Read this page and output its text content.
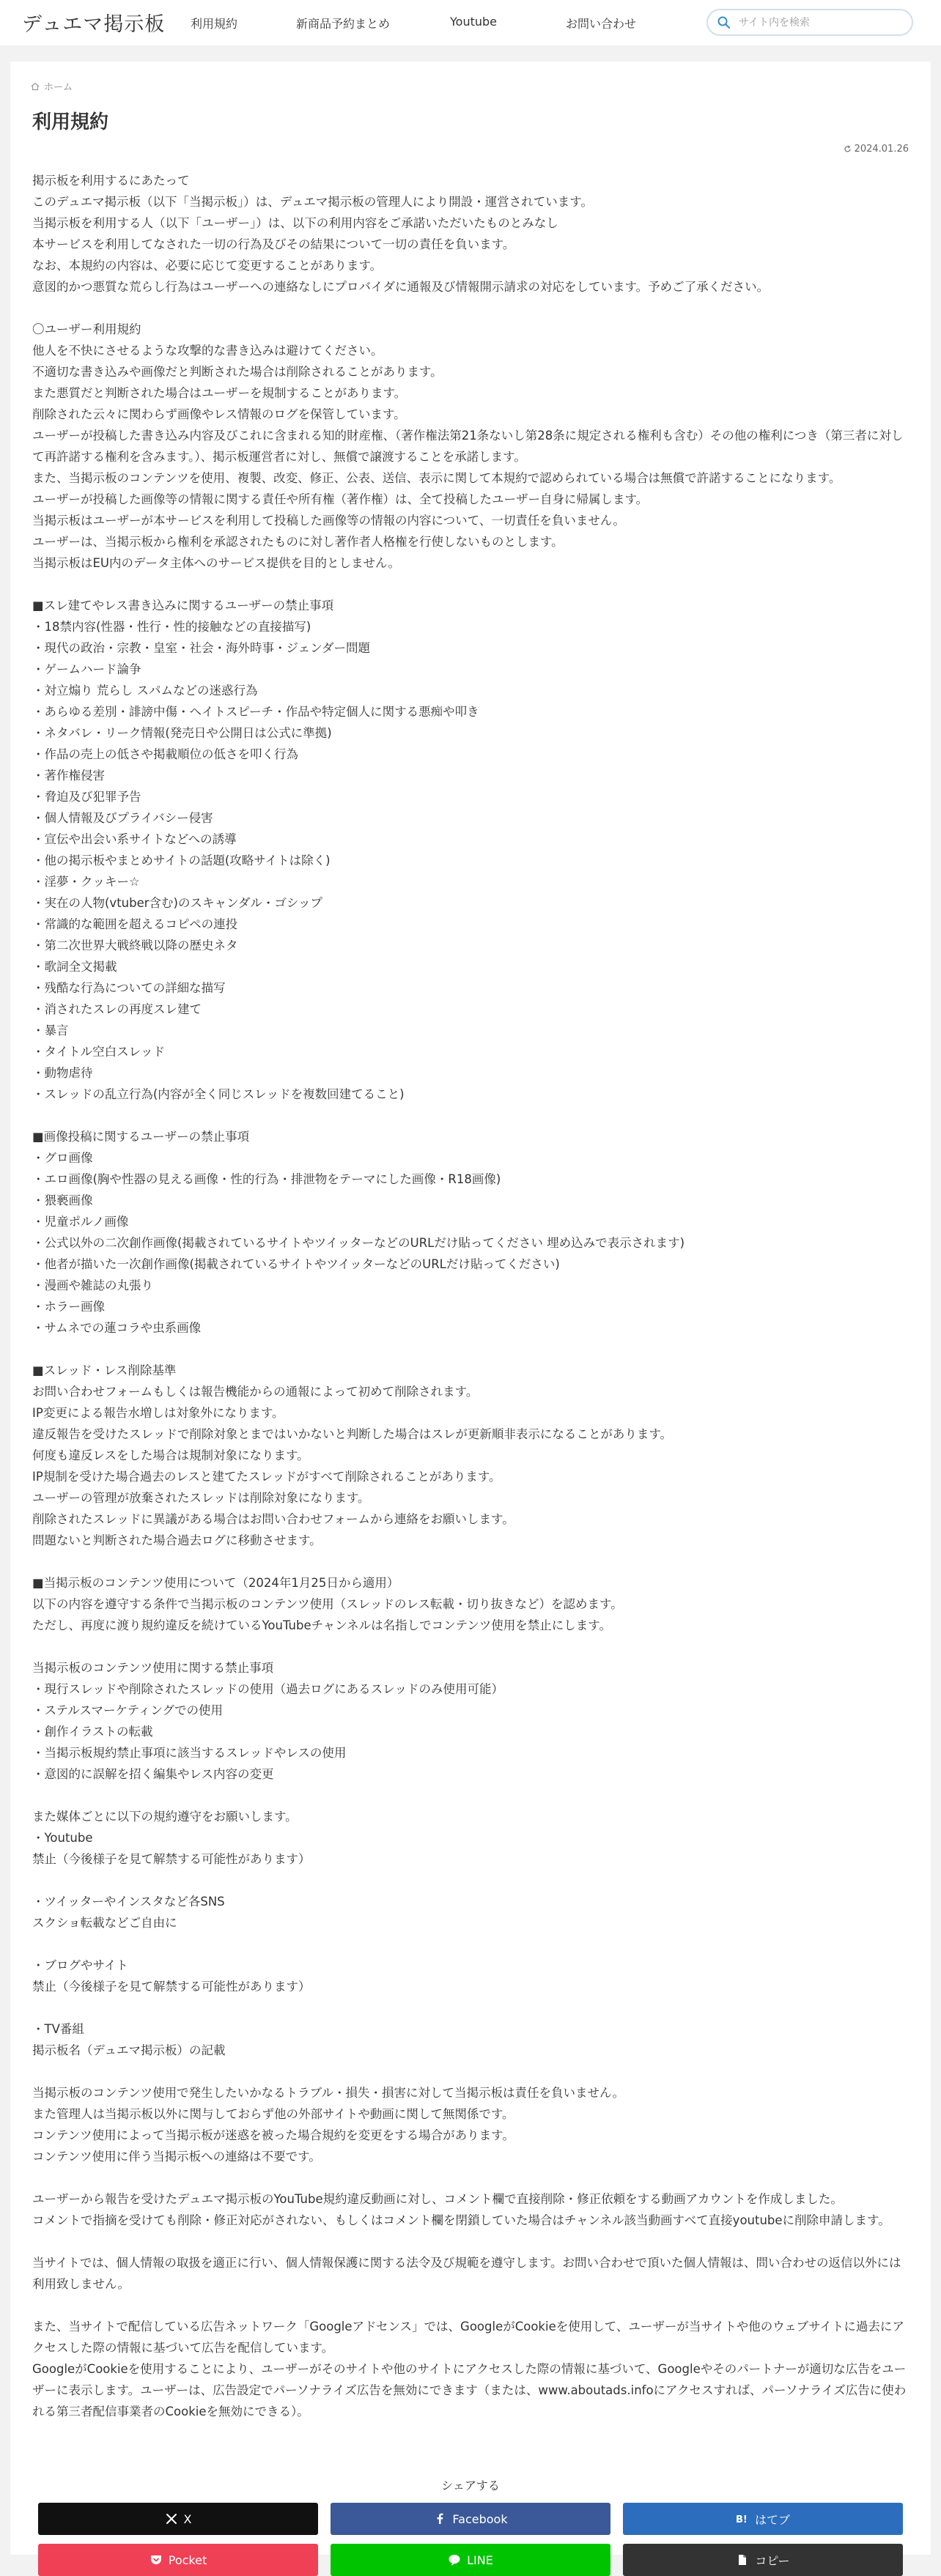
デュエマ掲示板 利用規約	新商品予約まとめ	Youtube	お問い合わせ
サイト内を検索
ホーム
利用規約
2024.01.26

掲示板を利用するにあたって
このデュエマ掲示板（以下「当掲示板」）は、デュエマ掲示板の管理人により開設・運営されています。
当掲示板を利用する人（以下「ユーザー」）は、以下の利用内容をご承諾いただいたものとみなし
本サービスを利用してなされた一切の行為及びその結果について一切の責任を負います。
なお、本規約の内容は、必要に応じて変更することがあります。
意図的かつ悪質な荒らし行為はユーザーへの連絡なしにプロバイダに通報及び情報開示請求の対応をしています。予めご了承ください。

〇ユーザー利用規約
他人を不快にさせるような攻撃的な書き込みは避けてください。
不適切な書き込みや画像だと判断された場合は削除されることがあります。
また悪質だと判断された場合はユーザーを規制することがあります。
削除された云々に関わらず画像やレス情報のログを保管しています。
ユーザーが投稿した書き込み内容及びこれに含まれる知的財産権、（著作権法第21条ないし第28条に規定される権利も含む）その他の権利につき（第三者に対して再許諾する権利を含みます。）、掲示板運営者に対し、無償で譲渡することを承諾します。
また、当掲示板のコンテンツを使用、複製、改変、修正、公表、送信、表示に関して本規約で認められている場合は無償で許諾することになります。
ユーザーが投稿した画像等の情報に関する責任や所有権（著作権）は、全て投稿したユーザー自身に帰属します。
当掲示板はユーザーが本サービスを利用して投稿した画像等の情報の内容について、一切責任を負いません。
ユーザーは、当掲示板から権利を承認されたものに対し著作者人格権を行使しないものとします。
当掲示板はEU内のデータ主体へのサービス提供を目的としません。

■スレ建てやレス書き込みに関するユーザーの禁止事項
・18禁内容(性器・性行・性的接触などの直接描写)
・現代の政治・宗教・皇室・社会・海外時事・ジェンダー問題
・ゲームハード論争
・対立煽り 荒らし スパムなどの迷惑行為
・あらゆる差別・誹謗中傷・ヘイトスピーチ・作品や特定個人に関する悪痴や叩き
・ネタバレ・リーク情報(発売日や公開日は公式に準拠)
・作品の売上の低さや掲載順位の低さを叩く行為
・著作権侵害
・脅迫及び犯罪予告
・個人情報及びプライバシー侵害
・宣伝や出会い系サイトなどへの誘導
・他の掲示板やまとめサイトの話題(攻略サイトは除く)
・淫夢・クッキー☆
・実在の人物(vtuber含む)のスキャンダル・ゴシップ
・常識的な範囲を超えるコピペの連投
・第二次世界大戦終戦以降の歴史ネタ
・歌詞全文掲載
・残酷な行為についての詳細な描写
・消されたスレの再度スレ建て
・暴言
・タイトル空白スレッド
・動物虐待
・スレッドの乱立行為(内容が全く同じスレッドを複数回建てること)

■画像投稿に関するユーザーの禁止事項
・グロ画像
・エロ画像(胸や性器の見える画像・性的行為・排泄物をテーマにした画像・R18画像)
・猥褻画像
・児童ポルノ画像
・公式以外の二次創作画像(掲載されているサイトやツイッターなどのURLだけ貼ってください 埋め込みで表示されます)
・他者が描いた一次創作画像(掲載されているサイトやツイッターなどのURLだけ貼ってください)
・漫画や雑誌の丸張り
・ホラー画像
・サムネでの蓮コラや虫系画像

■スレッド・レス削除基準
お問い合わせフォームもしくは報告機能からの通報によって初めて削除されます。
IP変更による報告水増しは対象外になります。
違反報告を受けたスレッドで削除対象とまではいかないと判断した場合はスレが更新順非表示になることがあります。
何度も違反レスをした場合は規制対象になります。
IP規制を受けた場合過去のレスと建てたスレッドがすべて削除されることがあります。
ユーザーの管理が放棄されたスレッドは削除対象になります。
削除されたスレッドに異議がある場合はお問い合わせフォームから連絡をお願いします。
問題ないと判断された場合過去ログに移動させます。

■当掲示板のコンテンツ使用について（2024年1月25日から適用）
以下の内容を遵守する条件で当掲示板のコンテンツ使用（スレッドのレス転載・切り抜きなど）を認めます。
ただし、再度に渡り規約違反を続けているYouTubeチャンネルは名指しでコンテンツ使用を禁止にします。

当掲示板のコンテンツ使用に関する禁止事項
・現行スレッドや削除されたスレッドの使用（過去ログにあるスレッドのみ使用可能）
・ステルスマーケティングでの使用
・創作イラストの転載
・当掲示板規約禁止事項に該当するスレッドやレスの使用
・意図的に誤解を招く編集やレス内容の変更

また媒体ごとに以下の規約遵守をお願いします。
・Youtube
禁止（今後様子を見て解禁する可能性があります）

・ツイッターやインスタなど各SNS
スクショ転載などご自由に

・ブログやサイト
禁止（今後様子を見て解禁する可能性があります）

・TV番組
掲示板名（デュエマ掲示板）の記載

当掲示板のコンテンツ使用で発生したいかなるトラブル・損失・損害に対して当掲示板は責任を負いません。
また管理人は当掲示板以外に関与しておらず他の外部サイトや動画に関して無関係です。
コンテンツ使用によって当掲示板が迷惑を被った場合規約を変更をする場合があります。
コンテンツ使用に伴う当掲示板への連絡は不要です。

ユーザーから報告を受けたデュエマ掲示板のYouTube規約違反動画に対し、コメント欄で直接削除・修正依頼をする動画アカウントを作成しました。
コメントで指摘を受けても削除・修正対応がされない、もしくはコメント欄を閉鎖していた場合はチャンネル該当動画すべて直接youtubeに削除申請します。

当サイトでは、個人情報の取扱を適正に行い、個人情報保護に関する法令及び規範を遵守します。お問い合わせで頂いた個人情報は、問い合わせの返信以外には利用致しません。

また、当サイトで配信している広告ネットワーク「Googleアドセンス」では、GoogleがCookieを使用して、ユーザーが当サイトや他のウェブサイトに過去にアクセスした際の情報に基づいて広告を配信しています。
GoogleがCookieを使用することにより、ユーザーがそのサイトや他のサイトにアクセスした際の情報に基づいて、Googleやそのパートナーが適切な広告をユーザーに表示します。ユーザーは、広告設定でパーソナライズ広告を無効にできます（または、www.aboutads.infoにアクセスすれば、パーソナライズ広告に使われる第三者配信事業者のCookieを無効にできる）。

シェアする
X	Facebook	B! はてブ
Pocket	LINE	コピー
